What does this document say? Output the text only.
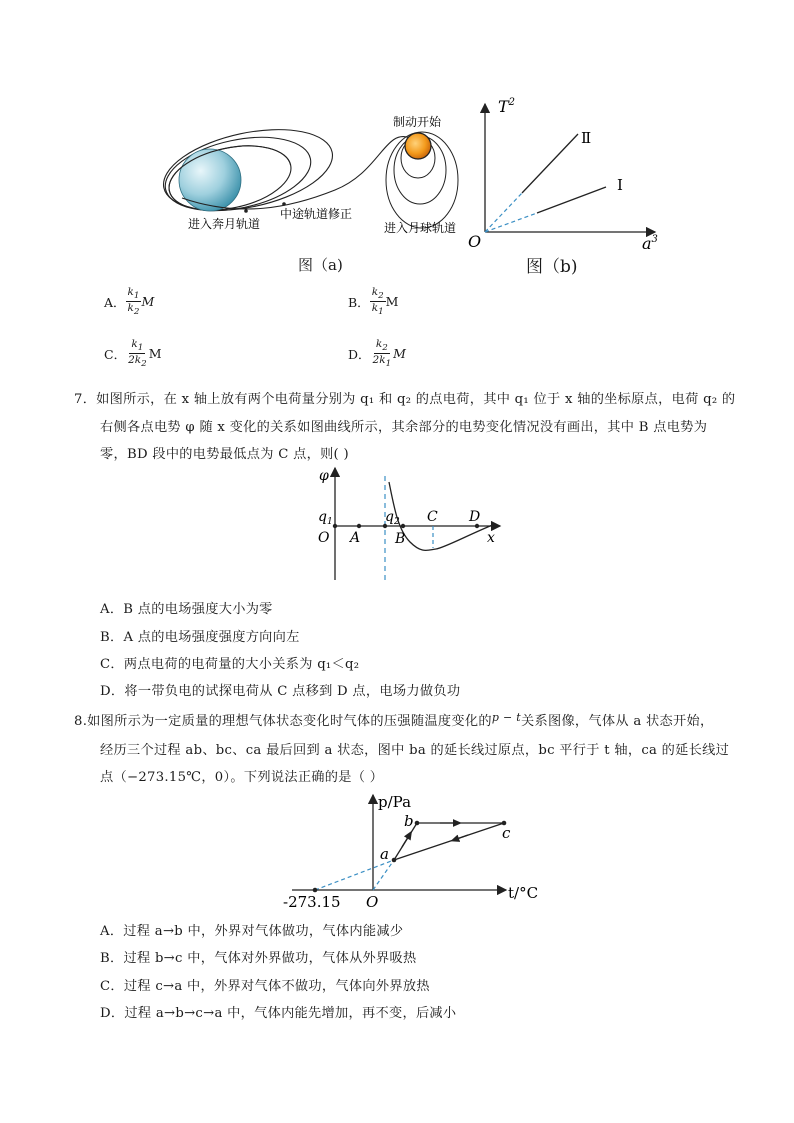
制动开始
进入奔月轨道
中途轨道修正
进入月球轨道
图（a)
$T^2$
$a^3$
O
Ⅱ
Ⅰ
图（b)
A． $\frac{k_1}{k_2}$ M	B． $\frac{k_2}{k_1}$ M
C． $\frac{k_1}{2k_2}$ M	D． $\frac{k_2}{2k_1}$ M
7．如图所示，在 x 轴上放有两个电荷量分别为 q₁ 和 q₂ 的点电荷，其中 q₁ 位于 x 轴的坐标原点，电荷 q₂ 的
右侧各点电势 φ 随 x 变化的关系如图曲线所示，其余部分的电势变化情况没有画出，其中 B 点电势为
零，BD 段中的电势最低点为 C 点，则( )
φ
$q_1$	$q_2$
O A B
C D
x
A．B 点的电场强度大小为零
B．A 点的电场强度强度方向向左
C．两点电荷的电荷量的大小关系为 q₁＜q₂
D．将一带负电的试探电荷从 C 点移到 D 点，电场力做负功
8.如图所示为一定质量的理想气体状态变化时气体的压强随温度变化的$^{p - t}$关系图像，气体从 a 状态开始，
经历三个过程 ab、bc、ca 最后回到 a 状态，图中 ba 的延长线过原点，bc 平行于 t 轴，ca 的延长线过
点（−273.15℃，0）。下列说法正确的是（ ）
p/Pa
t/°C
O
-273.15
a
b
c
A．过程 a→b 中，外界对气体做功，气体内能减少
B．过程 b→c 中，气体对外界做功，气体从外界吸热
C．过程 c→a 中，外界对气体不做功，气体向外界放热
D．过程 a→b→c→a 中，气体内能先增加，再不变，后减小
